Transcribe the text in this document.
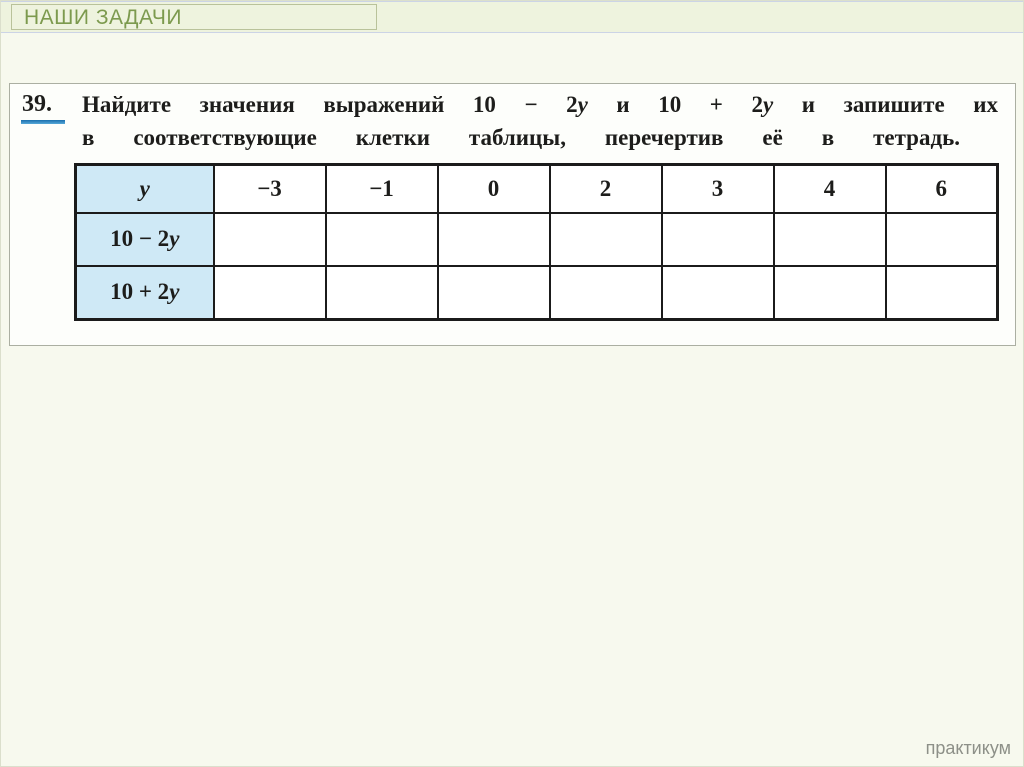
НАШИ ЗАДАЧИ
39. Найдите значения выражений 10 − 2y и 10 + 2y и запишите их
в соответствующие клетки таблицы, перечертив её в тетрадь.
y	−3	−1	0	2	3	4	6
10 − 2y							
10 + 2y							
практикум
